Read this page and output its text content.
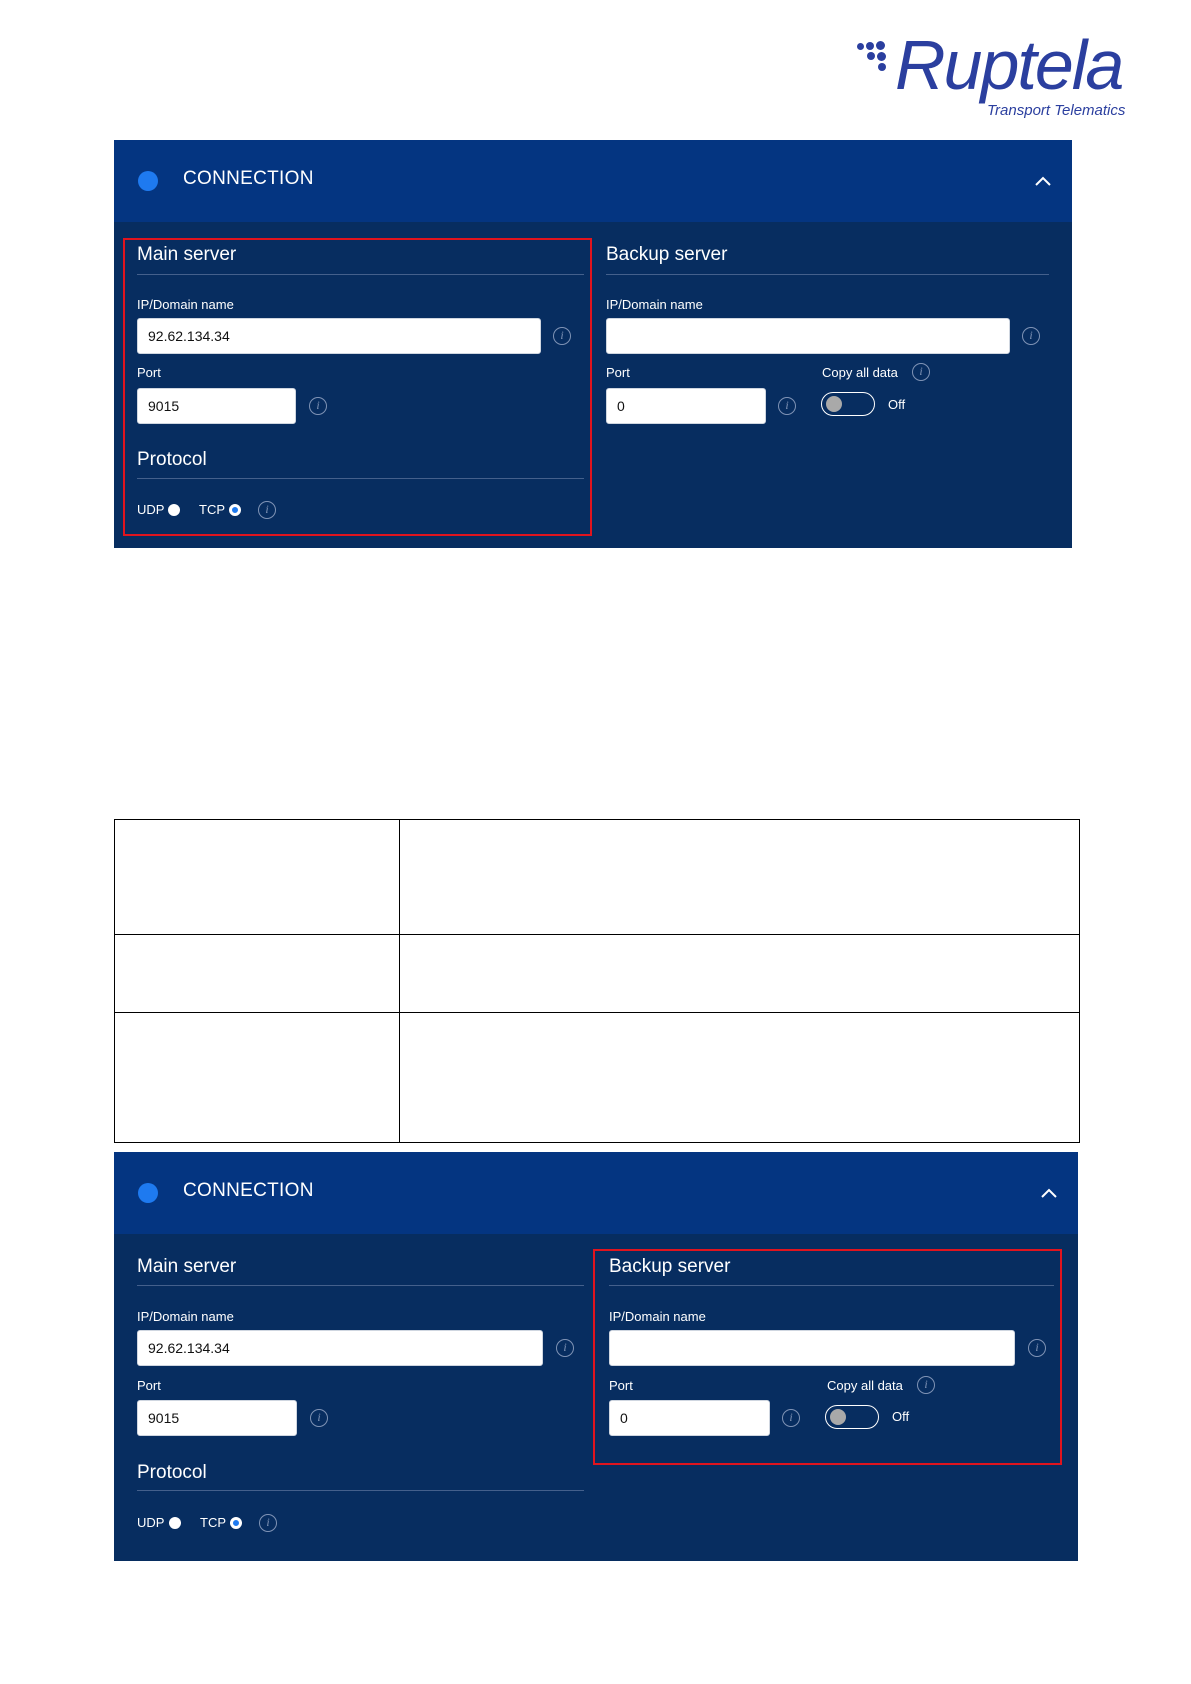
Ruptela
Transport Telematics
CONNECTION
Main server
IP/Domain name
92.62.134.34	i
Port
9015	i
Protocol
UDP	TCP	i
Backup server
IP/Domain name
i
Port
0	i
Copy all data	i
Off

CONNECTION
Main server
IP/Domain name
92.62.134.34	i
Port
9015	i
Protocol
UDP	TCP	i
Backup server
IP/Domain name
i
Port
0	i
Copy all data	i
Off
